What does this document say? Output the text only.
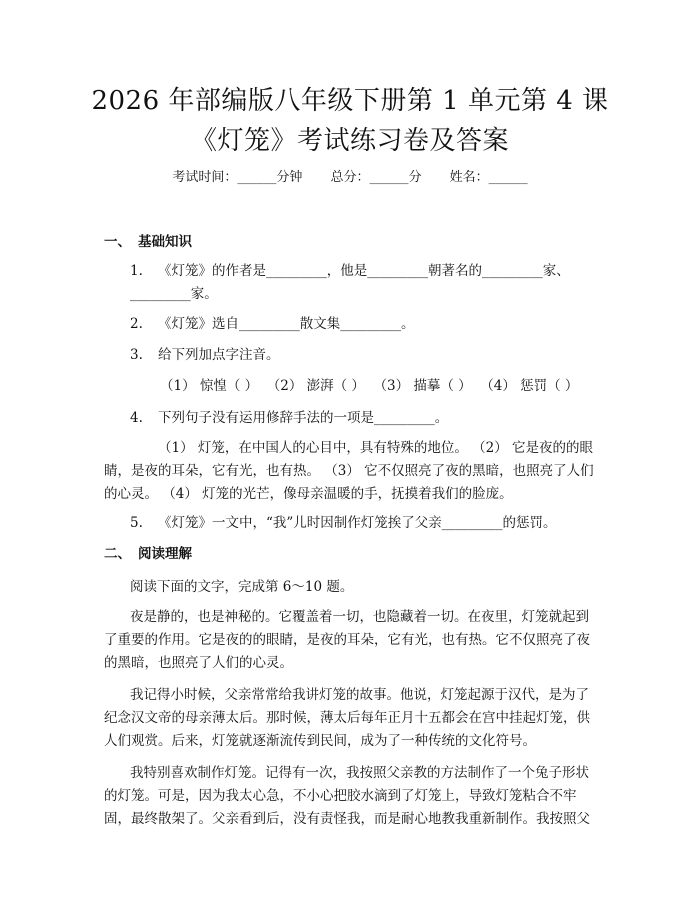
2026 年部编版八年级下册第 1 单元第 4 课
《灯笼》考试练习卷及答案
考试时间：______分钟 总分：______分 姓名：______
一、 基础知识
1. 《灯笼》的作者是_________，他是_________朝著名的_________家、_________家。
2. 《灯笼》选自_________散文集_________。
3. 给下列加点字注音。
（1） 惊惶（ ）  （2） 澎湃（ ）  （3） 描摹（ ）  （4） 惩罚（ ）
4. 下列句子没有运用修辞手法的一项是_________。
（1） 灯笼，在中国人的心目中，具有特殊的地位。 （2） 它是夜的的眼睛，是夜的耳朵，它有光，也有热。 （3） 它不仅照亮了夜的黑暗，也照亮了人们的心灵。 （4） 灯笼的光芒，像母亲温暖的手，抚摸着我们的脸庞。
5. 《灯笼》一文中，“我”儿时因制作灯笼挨了父亲_________的惩罚。
二、 阅读理解
阅读下面的文字，完成第 6～10 题。
夜是静的，也是神秘的。它覆盖着一切，也隐藏着一切。在夜里，灯笼就起到了重要的作用。它是夜的的眼睛，是夜的耳朵，它有光，也有热。它不仅照亮了夜的黑暗，也照亮了人们的心灵。
我记得小时候，父亲常常给我讲灯笼的故事。他说，灯笼起源于汉代，是为了纪念汉文帝的母亲薄太后。那时候，薄太后每年正月十五都会在宫中挂起灯笼，供人们观赏。后来，灯笼就逐渐流传到民间，成为了一种传统的文化符号。
我特别喜欢制作灯笼。记得有一次，我按照父亲教的方法制作了一个兔子形状的灯笼。可是，因为我太心急，不小心把胶水滴到了灯笼上，导致灯笼粘合不牢固，最终散架了。父亲看到后，没有责怪我，而是耐心地教我重新制作。我按照父
